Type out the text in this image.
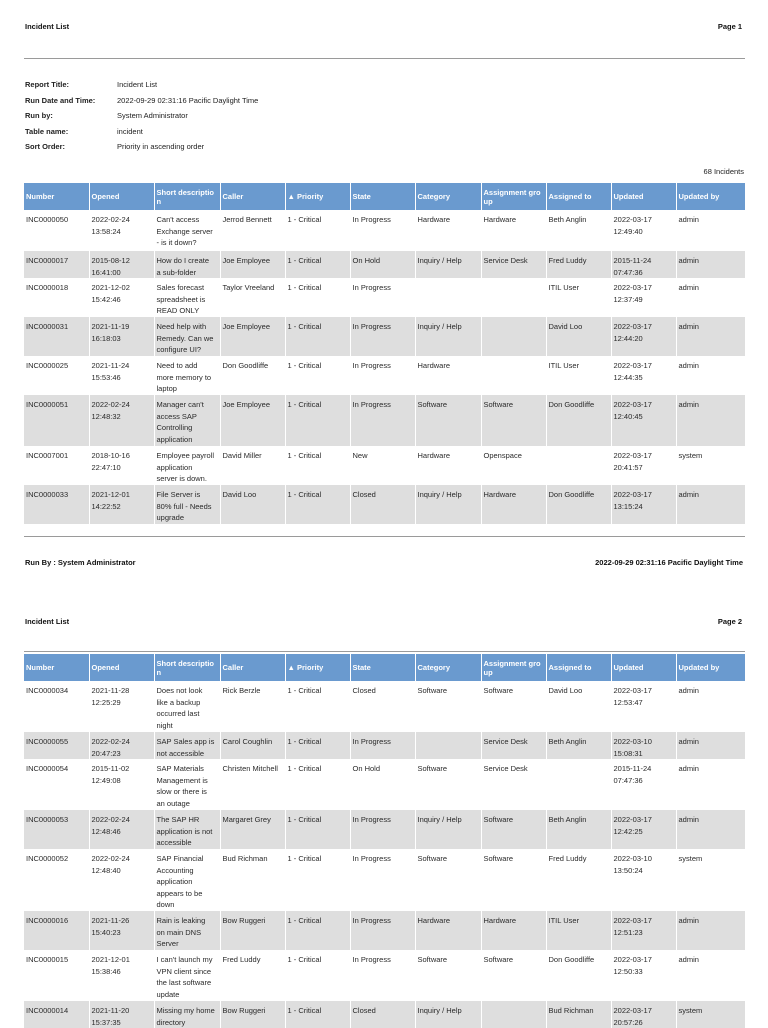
Incident List	Page 1
Report Title:	Incident List
Run Date and Time:	2022-09-29 02:31:16 Pacific Daylight Time
Run by:	System Administrator
Table name:	incident
Sort Order:	Priority in ascending order
68 Incidents
Number	Opened	Short descriptio
n	Caller	▲ Priority	State	Category	Assignment gro
up	Assigned to	Updated	Updated by
INC0000050	2022-02-24
13:58:24	Can't access
Exchange server
- is it down?	Jerrod Bennett	1 - Critical	In Progress	Hardware	Hardware	Beth Anglin	2022-03-17
12:49:40	admin
INC0000017	2015-08-12
16:41:00	How do I create
a sub-folder	Joe Employee	1 - Critical	On Hold	Inquiry / Help	Service Desk	Fred Luddy	2015-11-24
07:47:36	admin
INC0000018	2021-12-02
15:42:46	Sales forecast
spreadsheet is
READ ONLY	Taylor Vreeland	1 - Critical	In Progress			ITIL User	2022-03-17
12:37:49	admin
INC0000031	2021-11-19
16:18:03	Need help with
Remedy. Can we
configure UI?	Joe Employee	1 - Critical	In Progress	Inquiry / Help		David Loo	2022-03-17
12:44:20	admin
INC0000025	2021-11-24
15:53:46	Need to add
more memory to
laptop	Don Goodliffe	1 - Critical	In Progress	Hardware		ITIL User	2022-03-17
12:44:35	admin
INC0000051	2022-02-24
12:48:32	Manager can't
access SAP
Controlling
application	Joe Employee	1 - Critical	In Progress	Software	Software	Don Goodliffe	2022-03-17
12:40:45	admin
INC0007001	2018-10-16
22:47:10	Employee payroll
application
server is down.	David Miller	1 - Critical	New	Hardware	Openspace		2022-03-17
20:41:57	system
INC0000033	2021-12-01
14:22:52	File Server is
80% full - Needs
upgrade	David Loo	1 - Critical	Closed	Inquiry / Help	Hardware	Don Goodliffe	2022-03-17
13:15:24	admin
Run By : System Administrator	2022-09-29 02:31:16 Pacific Daylight Time
Incident List	Page 2
Number	Opened	Short descriptio
n	Caller	▲ Priority	State	Category	Assignment gro
up	Assigned to	Updated	Updated by
INC0000034	2021-11-28
12:25:29	Does not look
like a backup
occurred last
night	Rick Berzle	1 - Critical	Closed	Software	Software	David Loo	2022-03-17
12:53:47	admin
INC0000055	2022-02-24
20:47:23	SAP Sales app is
not accessible	Carol Coughlin	1 - Critical	In Progress		Service Desk	Beth Anglin	2022-03-10
15:08:31	admin
INC0000054	2015-11-02
12:49:08	SAP Materials
Management is
slow or there is
an outage	Christen Mitchell	1 - Critical	On Hold	Software	Service Desk		2015-11-24
07:47:36	admin
INC0000053	2022-02-24
12:48:46	The SAP HR
application is not
accessible	Margaret Grey	1 - Critical	In Progress	Inquiry / Help	Software	Beth Anglin	2022-03-17
12:42:25	admin
INC0000052	2022-02-24
12:48:40	SAP Financial
Accounting
application
appears to be
down	Bud Richman	1 - Critical	In Progress	Software	Software	Fred Luddy	2022-03-10
13:50:24	system
INC0000016	2021-11-26
15:40:23	Rain is leaking
on main DNS
Server	Bow Ruggeri	1 - Critical	In Progress	Hardware	Hardware	ITIL User	2022-03-17
12:51:23	admin
INC0000015	2021-12-01
15:38:46	I can't launch my
VPN client since
the last software
update	Fred Luddy	1 - Critical	In Progress	Software	Software	Don Goodliffe	2022-03-17
12:50:33	admin
INC0000014	2021-11-20
15:37:35	Missing my home
directory	Bow Ruggeri	1 - Critical	Closed	Inquiry / Help		Bud Richman	2022-03-17
20:57:26	system
